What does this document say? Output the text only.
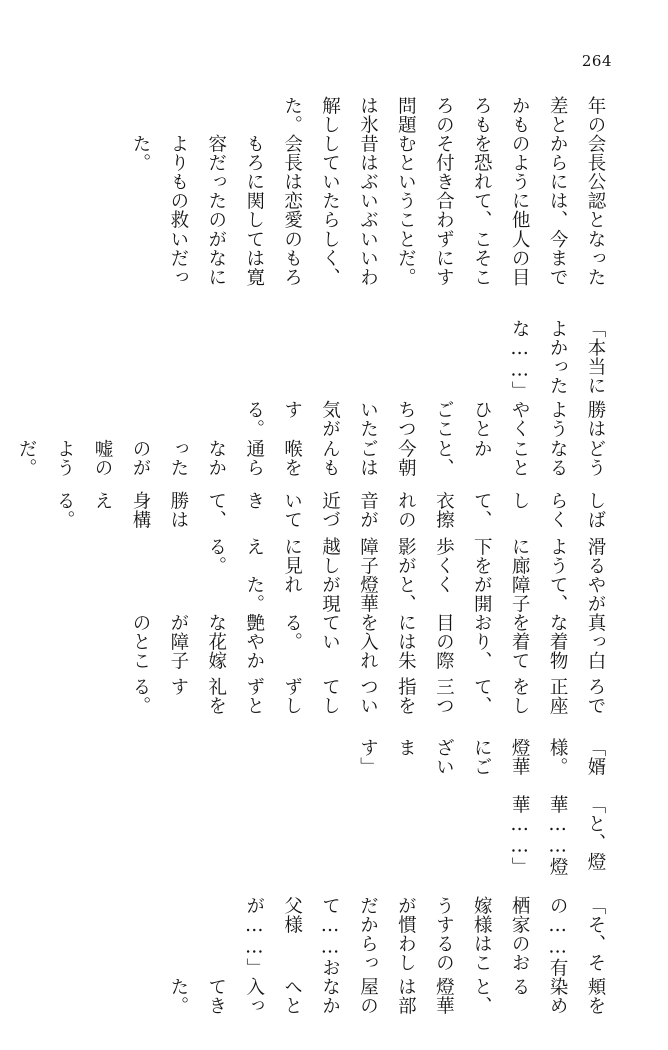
264

年の差とかもろもろの問題は氷解した。

会長公認となったからには、今までのように他人の目を恐れて、こそこそ付き合わずにすむということだ。昔はぶいぶいいわしていたらしく、会長は恋愛のもろもろに関しては寛容だったのがなによりもの救いだった。

「本当によかったな……」

勝はようやくひとごこちついた気がする。

どうなることかと、今朝ごはんも喉を通らなかったのが嘘のようだ。

しばらくして、衣擦れの音が近づいてきて、勝は身構える。

滑るように廊下を歩く影が障子越しに見える。

やがて、障子が開くと、燈華が現れた。

真っ白な着物を着ており、目の際には朱を入れている。　艶やかな花嫁が障子のとこ

ろで正座をして、三つ指をついてしずしずと礼をする。

「婿様。燈華にございます」

「と、燈華……燈華……」

「そ、その……有栖家のお嫁様はこうするのが慣わしだからって……お父様が……」

頬を染めると、燈華は部屋のなかへと入ってきた。
